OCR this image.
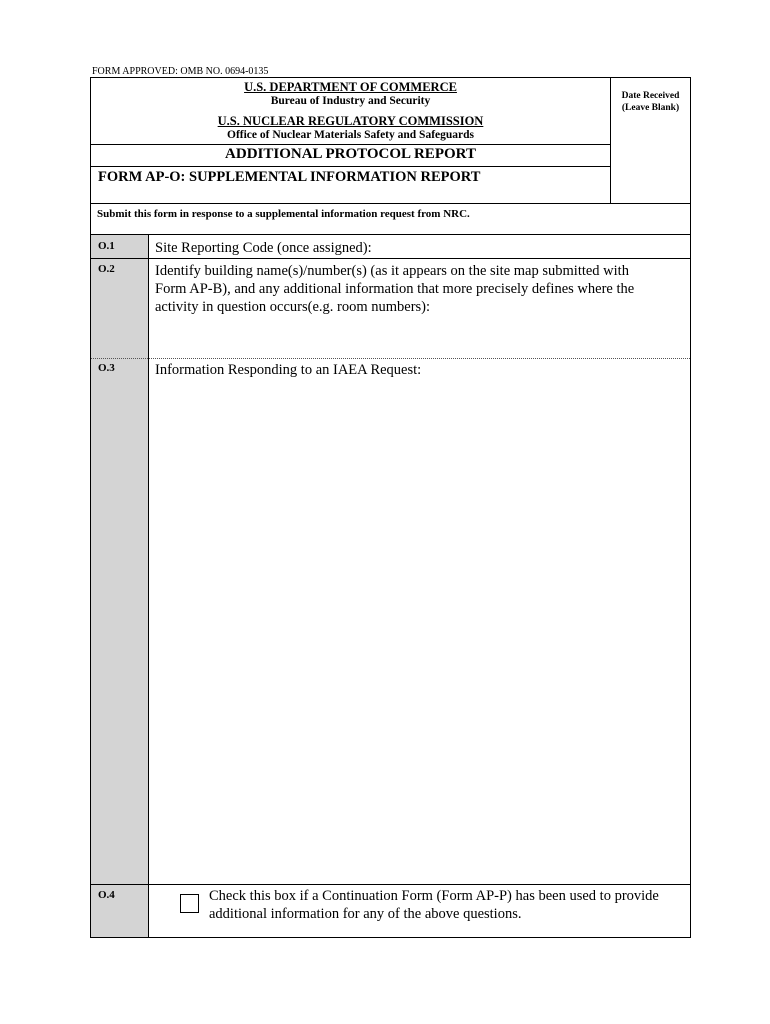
FORM APPROVED: OMB NO. 0694-0135
U.S. DEPARTMENT OF COMMERCE
Bureau of Industry and Security
U.S. NUCLEAR REGULATORY COMMISSION
Office of Nuclear Materials Safety and Safeguards
ADDITIONAL PROTOCOL REPORT
FORM AP-O: SUPPLEMENTAL INFORMATION REPORT
Date Received
(Leave Blank)
Submit this form in response to a supplemental information request from NRC.
O.1	Site Reporting Code (once assigned):
O.2	Identify building name(s)/number(s) (as it appears on the site map submitted with
Form AP-B), and any additional information that more precisely defines where the
activity in question occurs(e.g. room numbers):
O.3	Information Responding to an IAEA Request:
O.4	Check this box if a Continuation Form (Form AP-P) has been used to provide
additional information for any of the above questions.
